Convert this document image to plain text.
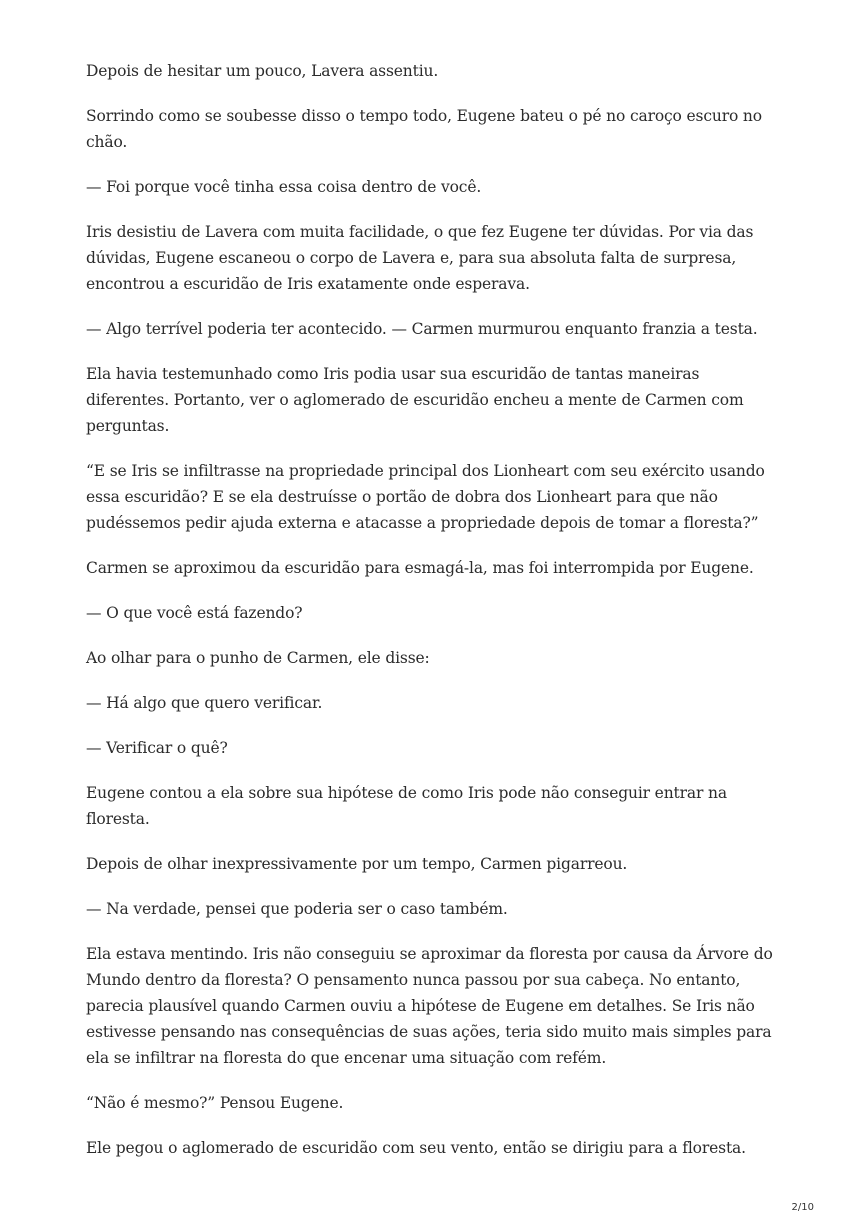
Depois de hesitar um pouco, Lavera assentiu.

Sorrindo como se soubesse disso o tempo todo, Eugene bateu o pé no caroço escuro no chão.

— Foi porque você tinha essa coisa dentro de você.

Iris desistiu de Lavera com muita facilidade, o que fez Eugene ter dúvidas. Por via das dúvidas, Eugene escaneou o corpo de Lavera e, para sua absoluta falta de surpresa, encontrou a escuridão de Iris exatamente onde esperava.

— Algo terrível poderia ter acontecido. — Carmen murmurou enquanto franzia a testa.

Ela havia testemunhado como Iris podia usar sua escuridão de tantas maneiras diferentes. Portanto, ver o aglomerado de escuridão encheu a mente de Carmen com perguntas.

“E se Iris se infiltrasse na propriedade principal dos Lionheart com seu exército usando essa escuridão? E se ela destruísse o portão de dobra dos Lionheart para que não pudéssemos pedir ajuda externa e atacasse a propriedade depois de tomar a floresta?”

Carmen se aproximou da escuridão para esmagá-la, mas foi interrompida por Eugene.

— O que você está fazendo?

Ao olhar para o punho de Carmen, ele disse:

— Há algo que quero verificar.

— Verificar o quê?

Eugene contou a ela sobre sua hipótese de como Iris pode não conseguir entrar na floresta.

Depois de olhar inexpressivamente por um tempo, Carmen pigarreou.

— Na verdade, pensei que poderia ser o caso também.

Ela estava mentindo. Iris não conseguiu se aproximar da floresta por causa da Árvore do Mundo dentro da floresta? O pensamento nunca passou por sua cabeça. No entanto, parecia plausível quando Carmen ouviu a hipótese de Eugene em detalhes. Se Iris não estivesse pensando nas consequências de suas ações, teria sido muito mais simples para ela se infiltrar na floresta do que encenar uma situação com refém.

“Não é mesmo?” Pensou Eugene.

Ele pegou o aglomerado de escuridão com seu vento, então se dirigiu para a floresta.

2/10
